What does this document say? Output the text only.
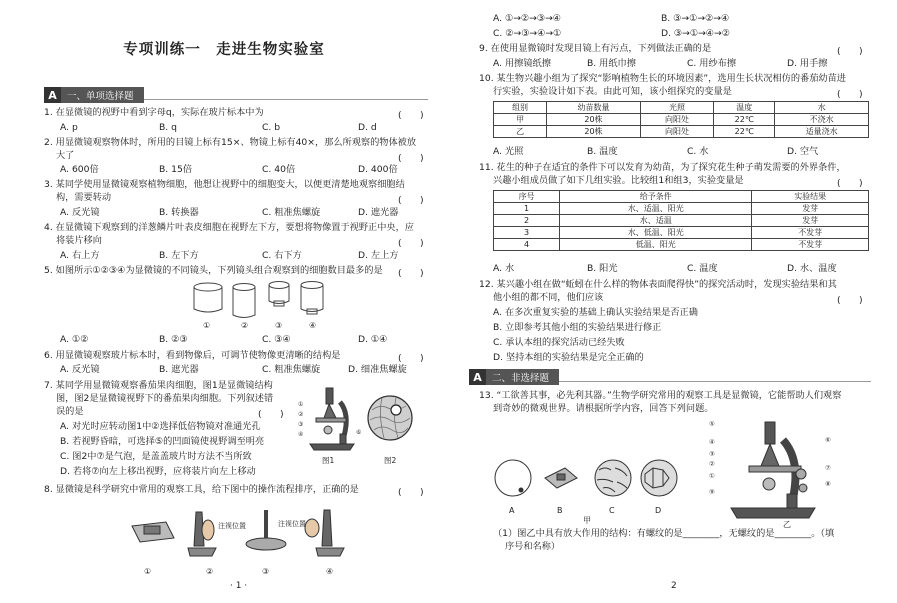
专项训练一　走进生物实验室
A	一、单项选择题
1. 在显微镜的视野中看到字母q，实际在玻片标本中为	(　　)
A. p	B. q	C. b	D. d
2. 用显微镜观察物体时，所用的目镜上标有15×、物镜上标有40×，那么所观察的物体被放
大了	(　　)
A. 600倍	B. 15倍	C. 40倍	D. 400倍
3. 某同学使用显微镜观察植物细胞，他想让视野中的细胞变大，以便更清楚地观察细胞结
构，需要转动	(　　)
A. 反光镜	B. 转换器	C. 粗准焦螺旋	D. 遮光器
4. 在显微镜下观察到的洋葱鳞片叶表皮细胞在视野左下方，要想将物像置于视野正中央，应
将装片移向	(　　)
A. 右上方	B. 左下方	C. 右下方	D. 左上方
5. 如图所示①②③④为显微镜的不同镜头，下列镜头组合观察到的细胞数目最多的是 (　　)
①	②	③	④
A. ①②	B. ②③	C. ③④	D. ①④
6. 用显微镜观察玻片标本时，看到物像后，可调节使物像更清晰的结构是	(　　)
A. 反光镜	B. 遮光器	C. 粗准焦螺旋	D. 细准焦螺旋
7. 某同学用显微镜观察番茄果肉细胞，图1是显微镜结构
图，图2是显微镜视野下的番茄果肉细胞。下列叙述错
误的是	(　　)
A. 对光时应转动图1中②选择低倍物镜对准通光孔
B. 若视野昏暗，可选择⑤的凹面镜使视野调至明亮
C. 图2中⑦是气泡，是盖盖玻片时方法不当所致
D. 若将⑦向左上移出视野，应将装片向左上移动
①
②
③
④	⑥
图1	图2
8. 显微镜是科学研究中常用的观察工具，给下图中的操作流程排序，正确的是	(　　)
注视位置	注视位置
①	②	③	④
· 1 ·
A. ①→②→③→④	B. ③→①→②→④
C. ②→③→④→①	D. ③→①→④→②
9. 在使用显微镜时发现目镜上有污点，下列做法正确的是	(　　)
A. 用擦镜纸擦	B. 用纸巾擦	C. 用纱布擦	D. 用手擦
10. 某生物兴趣小组为了探究“影响植物生长的环境因素”，选用生长状况相仿的番茄幼苗进
行实验，实验设计如下表。由此可知，该小组探究的变量是	(　　)
组别	幼苗数量	光照	温度	水
甲	20株	向阳处	22℃	不浇水
乙	20株	向阳处	22℃	适量浇水
A. 光照	B. 温度	C. 水	D. 空气
11. 花生的种子在适宜的条件下可以发育为幼苗，为了探究花生种子萌发需要的外界条件，
兴趣小组成员做了如下几组实验。比较组1和组3，实验变量是	(　　)
序号	给予条件	实验结果
1	水、适温、阳光	发芽
2	水、适温	发芽
3	水、低温、阳光	不发芽
4	低温、阳光	不发芽
A. 水	B. 阳光	C. 温度	D. 水、温度
12. 某兴趣小组在做“蚯蚓在什么样的物体表面爬得快”的探究活动时，发现实验结果和其
他小组的都不同，他们应该	(　　)
A. 在多次重复实验的基础上确认实验结果是否正确
B. 立即参考其他小组的实验结果进行修正
C. 承认本组的探究活动已经失败
D. 坚持本组的实验结果是完全正确的
A	二、非选择题
13. “工欲善其事，必先利其器。”生物学研究常用的观察工具是显微镜，它能帮助人们观察
到奇妙的微观世界。请根据所学内容，回答下列问题。
A	B	C	D
甲
⑤
④
③
②
①
⑨
⑥
⑦
⑧
乙
（1）图乙中具有放大作用的结构：有螺纹的是________，无螺纹的是________。（填
序号和名称）
2
